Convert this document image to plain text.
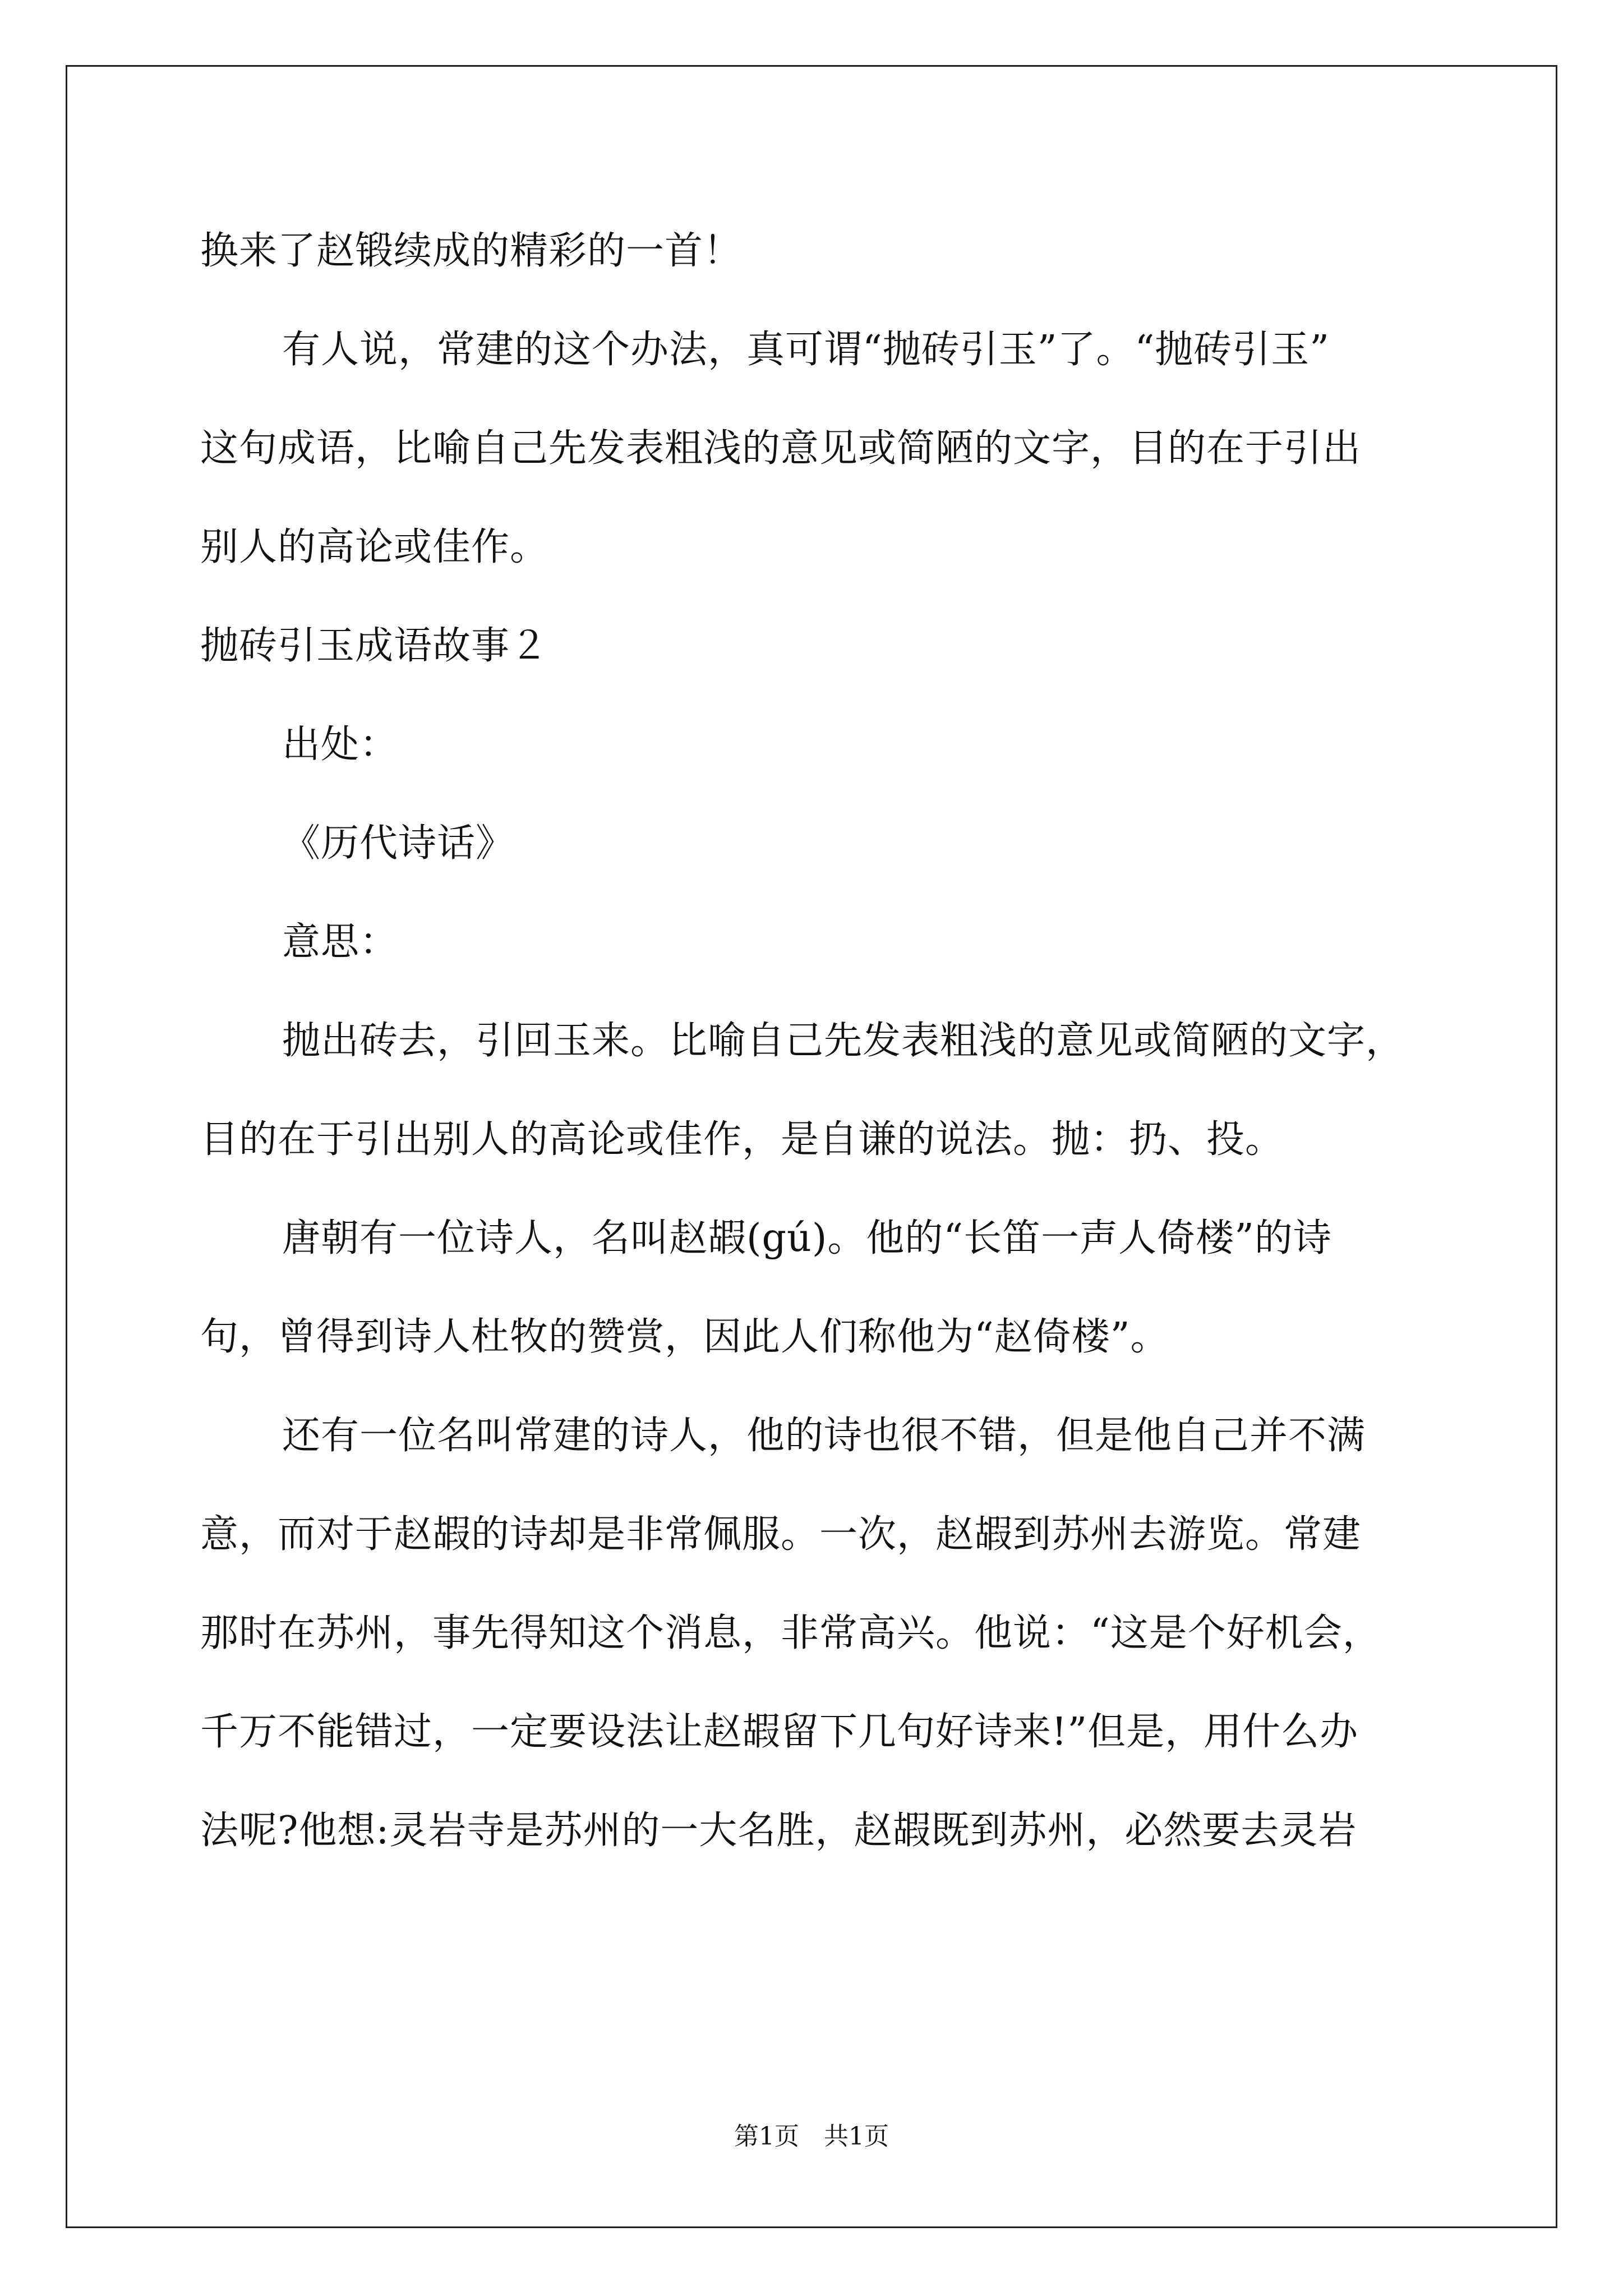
换来了赵锻续成的精彩的一首！
有人说，常建的这个办法，真可谓“抛砖引玉”了。“抛砖引玉”
这句成语，比喻自己先发表粗浅的意见或简陋的文字，目的在于引出
别人的高论或佳作。
抛砖引玉成语故事２
出处：
《历代诗话》
意思：
抛出砖去，引回玉来。比喻自己先发表粗浅的意见或简陋的文字，
目的在于引出别人的高论或佳作，是自谦的说法。抛：扔、投。
唐朝有一位诗人，名叫赵嘏(gú)。他的“长笛一声人倚楼”的诗
句，曾得到诗人杜牧的赞赏，因此人们称他为“赵倚楼”。
还有一位名叫常建的诗人，他的诗也很不错，但是他自己并不满
意，而对于赵嘏的诗却是非常佩服。一次，赵嘏到苏州去游览。常建
那时在苏州，事先得知这个消息，非常高兴。他说：“这是个好机会，
千万不能错过，一定要设法让赵嘏留下几句好诗来!”但是，用什么办
法呢?他想:灵岩寺是苏州的一大名胜，赵嘏既到苏州，必然要去灵岩
第1页　共1页
